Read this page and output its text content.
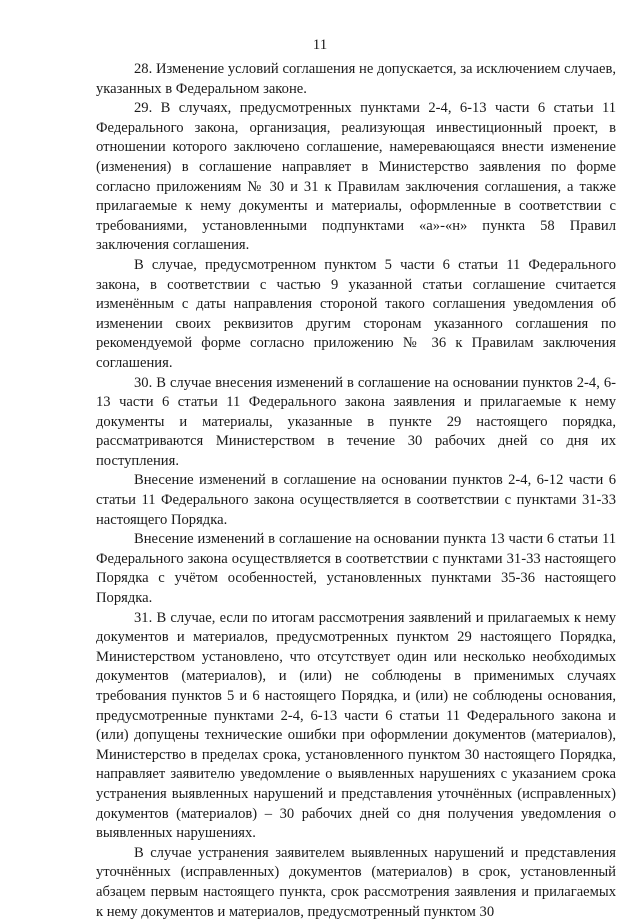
11

28. Изменение условий соглашения не допускается, за исключением случаев, указанных в Федеральном законе.

29. В случаях, предусмотренных пунктами 2-4, 6-13 части 6 статьи 11 Федерального закона, организация, реализующая инвестиционный проект, в отношении которого заключено соглашение, намеревающаяся внести изменение (изменения) в соглашение направляет в Министерство заявления по форме согласно приложениям № 30 и 31 к Правилам заключения соглашения, а также прилагаемые к нему документы и материалы, оформленные в соответствии с требованиями, установленными подпунктами «а»-«н» пункта 58 Правил заключения соглашения.

В случае, предусмотренном пунктом 5 части 6 статьи 11 Федерального закона, в соответствии с частью 9 указанной статьи соглашение считается изменённым с даты направления стороной такого соглашения уведомления об изменении своих реквизитов другим сторонам указанного соглашения по рекомендуемой форме согласно приложению № 36 к Правилам заключения соглашения.

30. В случае внесения изменений в соглашение на основании пунктов 2-4, 6-13 части 6 статьи 11 Федерального закона заявления и прилагаемые к нему документы и материалы, указанные в пункте 29 настоящего порядка, рассматриваются Министерством в течение 30 рабочих дней со дня их поступления.

Внесение изменений в соглашение на основании пунктов 2-4, 6-12 части 6 статьи 11 Федерального закона осуществляется в соответствии с пунктами 31-33 настоящего Порядка.

Внесение изменений в соглашение на основании пункта 13 части 6 статьи 11 Федерального закона осуществляется в соответствии с пунктами 31-33 настоящего Порядка с учётом особенностей, установленных пунктами 35-36 настоящего Порядка.

31. В случае, если по итогам рассмотрения заявлений и прилагаемых к нему документов и материалов, предусмотренных пунктом 29 настоящего Порядка, Министерством установлено, что отсутствует один или несколько необходимых документов (материалов), и (или) не соблюдены в применимых случаях требования пунктов 5 и 6 настоящего Порядка, и (или) не соблюдены основания, предусмотренные пунктами 2-4, 6-13 части 6 статьи 11 Федерального закона и (или) допущены технические ошибки при оформлении документов (материалов), Министерство в пределах срока, установленного пунктом 30 настоящего Порядка, направляет заявителю уведомление о выявленных нарушениях с указанием срока устранения выявленных нарушений и представления уточнённых (исправленных) документов (материалов) – 30 рабочих дней со дня получения уведомления о выявленных нарушениях.

В случае устранения заявителем выявленных нарушений и представления уточнённых (исправленных) документов (материалов) в срок, установленный абзацем первым настоящего пункта, срок рассмотрения заявления и прилагаемых к нему документов и материалов, предусмотренный пунктом 30
